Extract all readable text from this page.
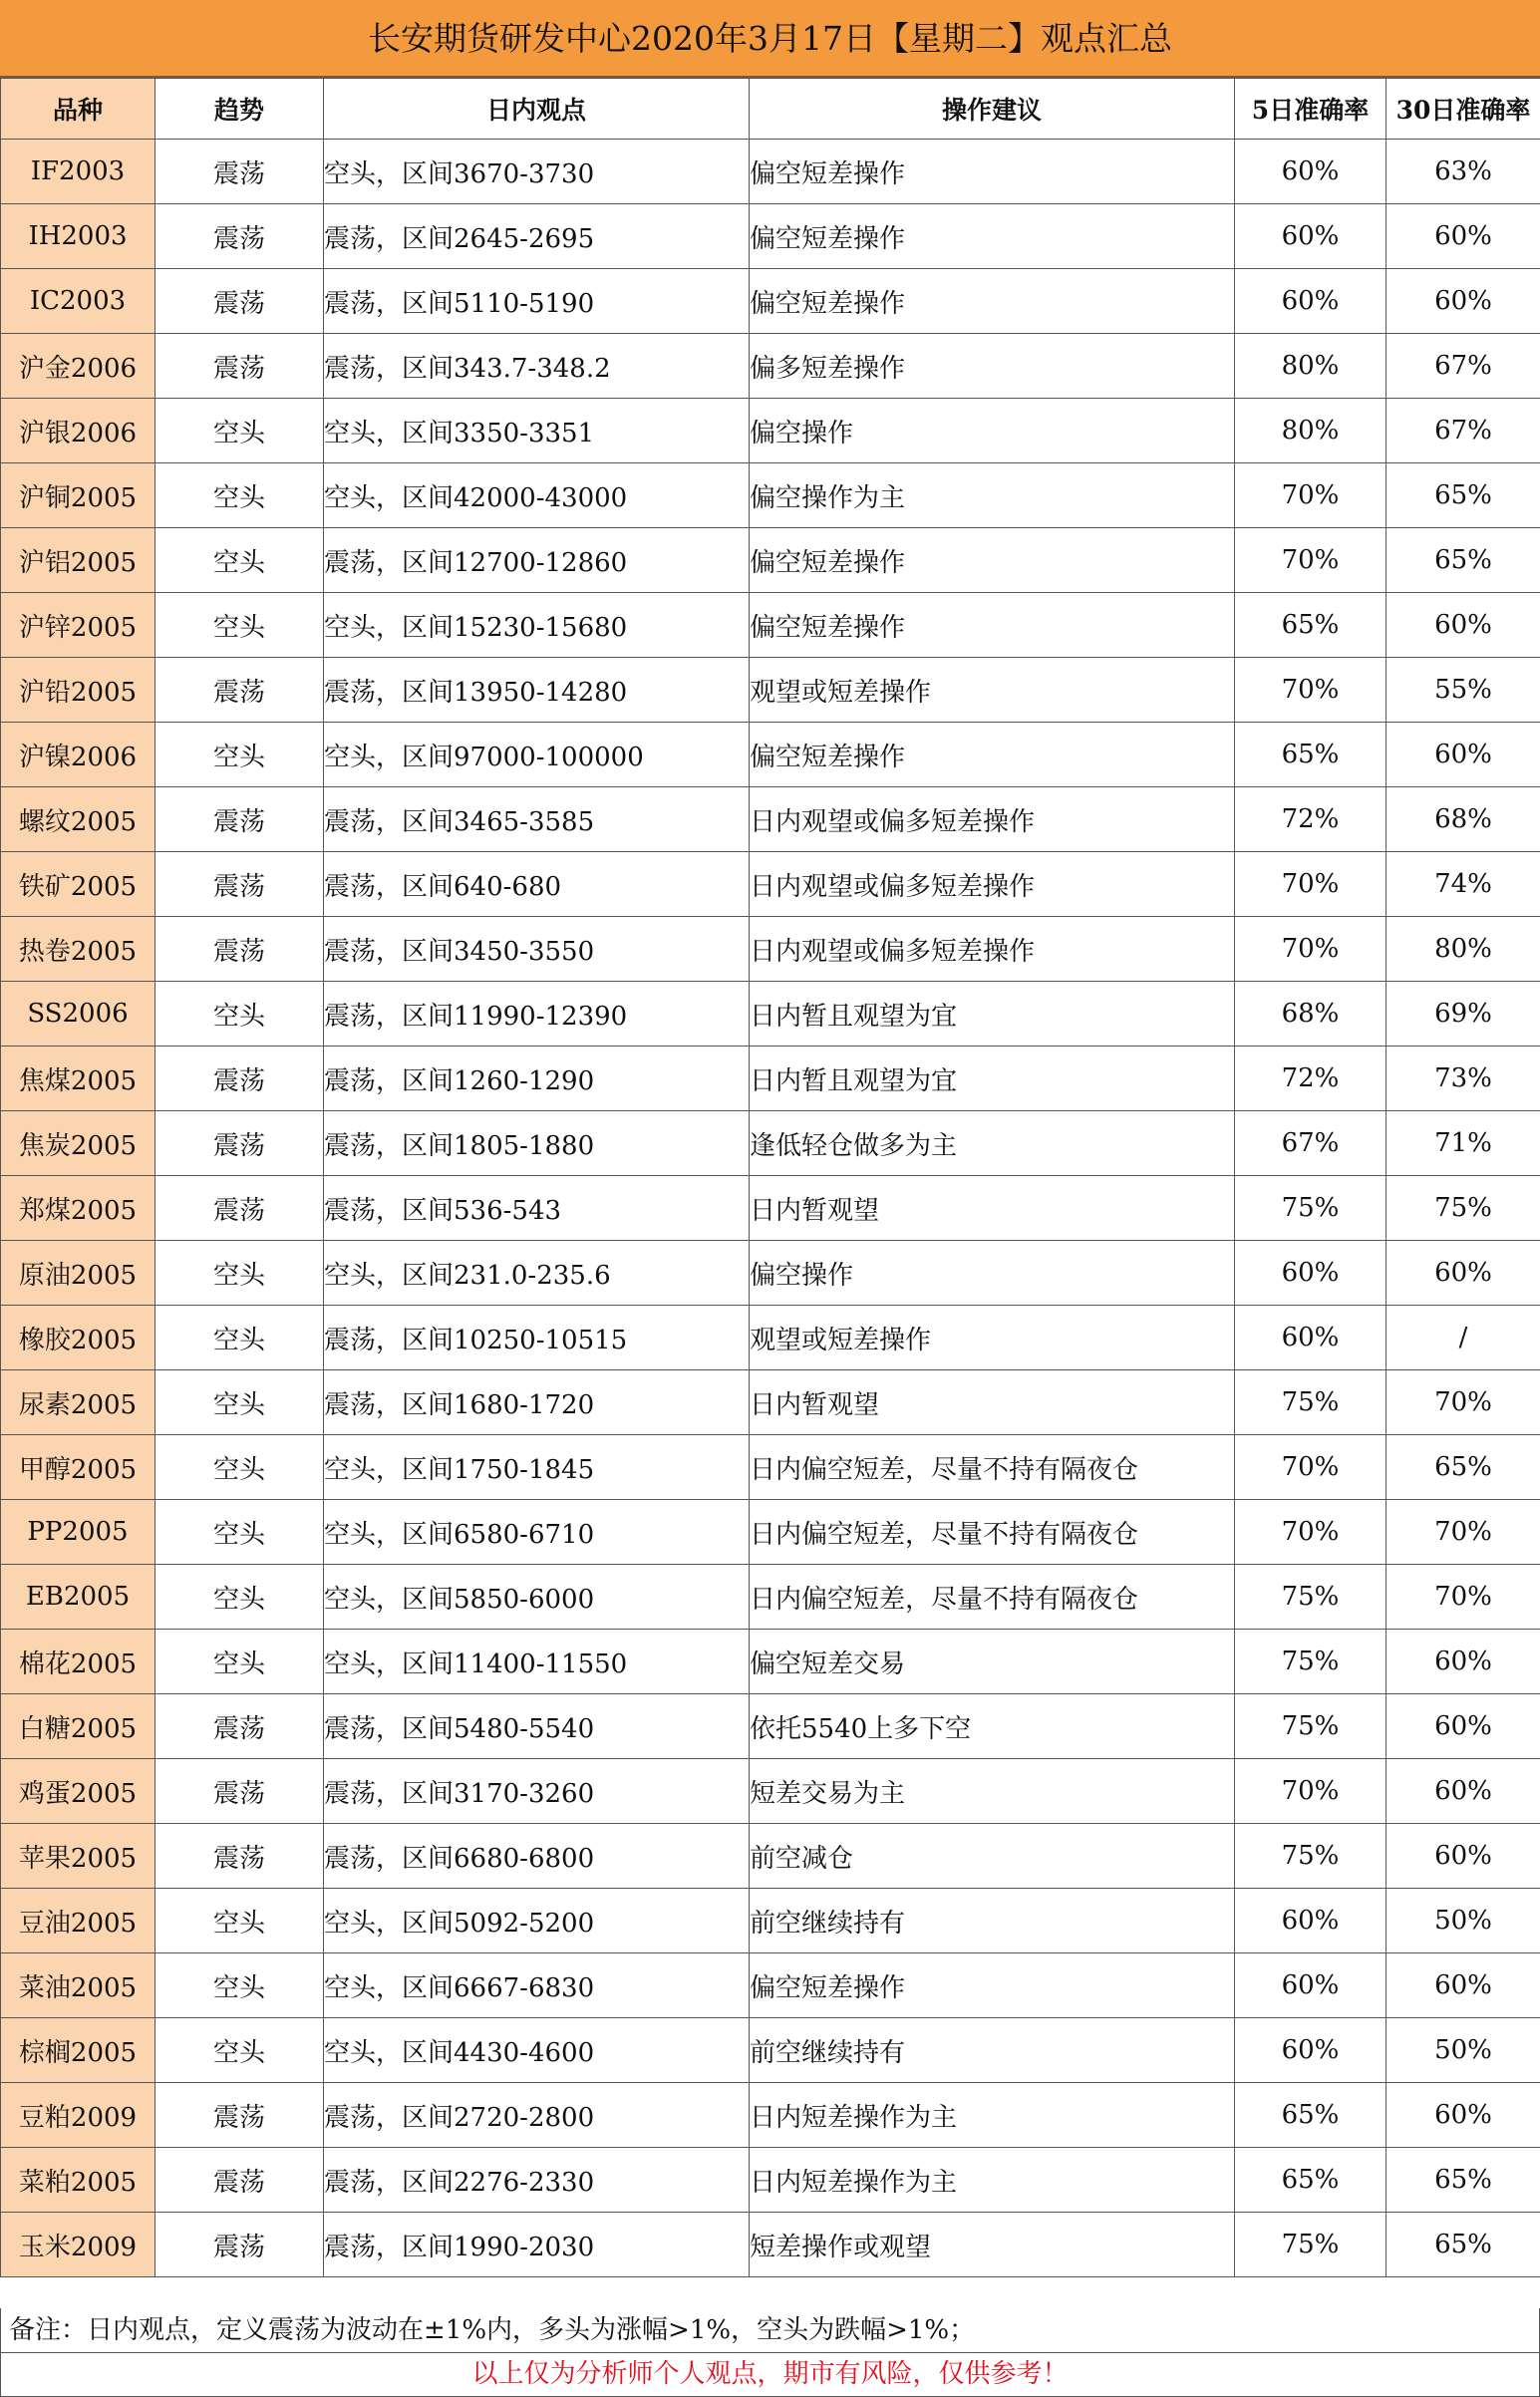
长安期货研发中心2020年3月17日【星期二】观点汇总
品种	趋势	日内观点	操作建议	5日准确率	30日准确率
IF2003	震荡	空头，区间3670-3730	偏空短差操作	60%	63%
IH2003	震荡	震荡，区间2645-2695	偏空短差操作	60%	60%
IC2003	震荡	震荡，区间5110-5190	偏空短差操作	60%	60%
沪金2006	震荡	震荡，区间343.7-348.2	偏多短差操作	80%	67%
沪银2006	空头	空头，区间3350-3351	偏空操作	80%	67%
沪铜2005	空头	空头，区间42000-43000	偏空操作为主	70%	65%
沪铝2005	空头	震荡，区间12700-12860	偏空短差操作	70%	65%
沪锌2005	空头	空头，区间15230-15680	偏空短差操作	65%	60%
沪铅2005	震荡	震荡，区间13950-14280	观望或短差操作	70%	55%
沪镍2006	空头	空头，区间97000-100000	偏空短差操作	65%	60%
螺纹2005	震荡	震荡，区间3465-3585	日内观望或偏多短差操作	72%	68%
铁矿2005	震荡	震荡，区间640-680	日内观望或偏多短差操作	70%	74%
热卷2005	震荡	震荡，区间3450-3550	日内观望或偏多短差操作	70%	80%
SS2006	空头	震荡，区间11990-12390	日内暂且观望为宜	68%	69%
焦煤2005	震荡	震荡，区间1260-1290	日内暂且观望为宜	72%	73%
焦炭2005	震荡	震荡，区间1805-1880	逢低轻仓做多为主	67%	71%
郑煤2005	震荡	震荡，区间536-543	日内暂观望	75%	75%
原油2005	空头	空头，区间231.0-235.6	偏空操作	60%	60%
橡胶2005	空头	震荡，区间10250-10515	观望或短差操作	60%	/
尿素2005	空头	震荡，区间1680-1720	日内暂观望	75%	70%
甲醇2005	空头	空头，区间1750-1845	日内偏空短差，尽量不持有隔夜仓	70%	65%
PP2005	空头	空头，区间6580-6710	日内偏空短差，尽量不持有隔夜仓	70%	70%
EB2005	空头	空头，区间5850-6000	日内偏空短差，尽量不持有隔夜仓	75%	70%
棉花2005	空头	空头，区间11400-11550	偏空短差交易	75%	60%
白糖2005	震荡	震荡，区间5480-5540	依托5540上多下空	75%	60%
鸡蛋2005	震荡	震荡，区间3170-3260	短差交易为主	70%	60%
苹果2005	震荡	震荡，区间6680-6800	前空减仓	75%	60%
豆油2005	空头	空头，区间5092-5200	前空继续持有	60%	50%
菜油2005	空头	空头，区间6667-6830	偏空短差操作	60%	60%
棕榈2005	空头	空头，区间4430-4600	前空继续持有	60%	50%
豆粕2009	震荡	震荡，区间2720-2800	日内短差操作为主	65%	60%
菜粕2005	震荡	震荡，区间2276-2330	日内短差操作为主	65%	65%
玉米2009	震荡	震荡，区间1990-2030	短差操作或观望	75%	65%
备注：日内观点，定义震荡为波动在±1%内，多头为涨幅>1%，空头为跌幅>1%；
以上仅为分析师个人观点，期市有风险，仅供参考！
